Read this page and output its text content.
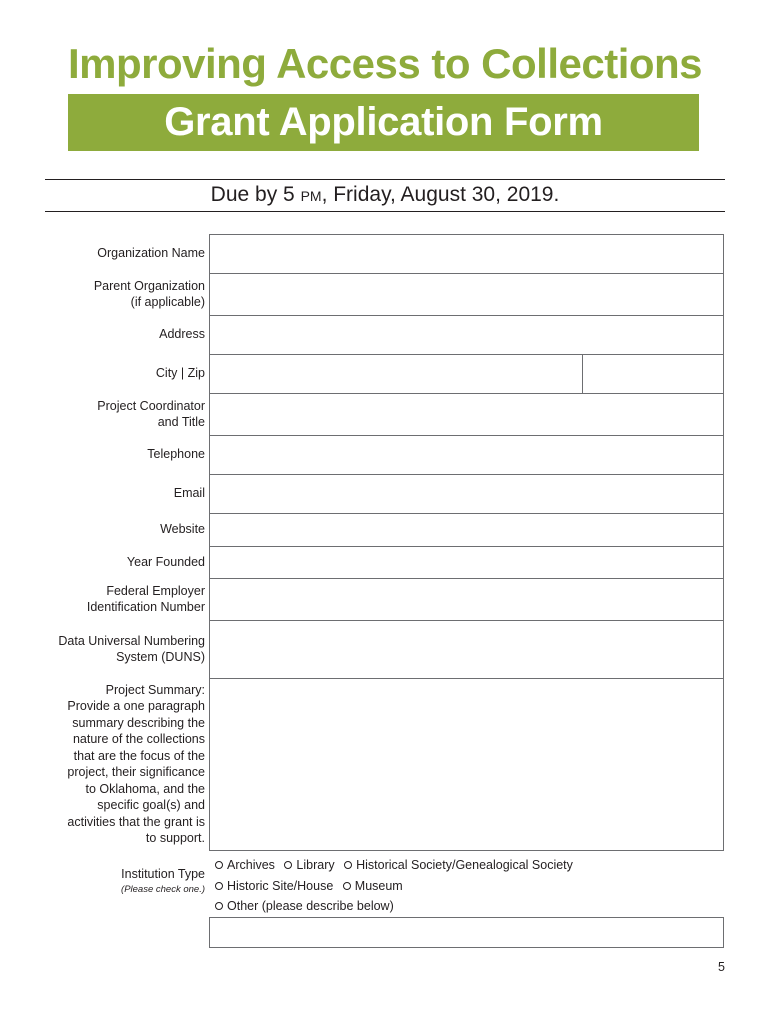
Improving Access to Collections
Grant Application Form
Due by 5 PM, Friday, August 30, 2019.
Organization Name
Parent Organization
(if applicable)
Address
City | Zip
Project Coordinator
and Title
Telephone
Email
Website
Year Founded
Federal Employer
Identification Number
Data Universal Numbering
System (DUNS)
Project Summary:
Provide a one paragraph
summary describing the
nature of the collections
that are the focus of the
project, their significance
to Oklahoma, and the
specific goal(s) and
activities that the grant is
to support.
Institution Type
(Please check one.)
Archives Library Historical Society/Genealogical Society
Historic Site/House Museum
Other (please describe below)
5
